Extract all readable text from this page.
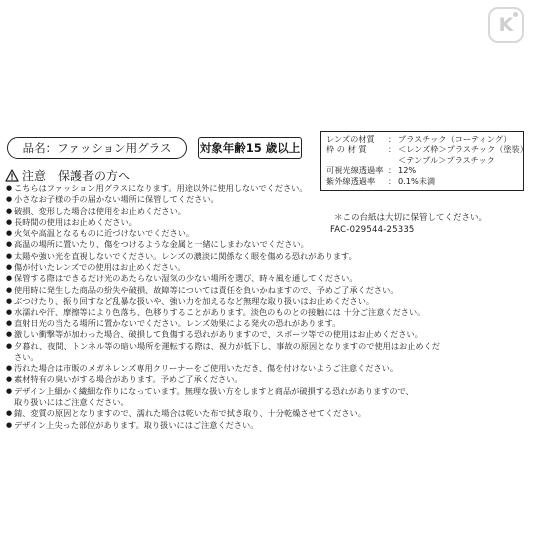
K
品名：ファッション用グラス 対象年齢15 歳以上
レンズの材質	： プラスチック（コーティング）
枠 の 材 質	： ＜レンズ枠＞プラスチック（塗装）
＜テンプル＞プラスチック
可視光線透過率 ： 12%
紫外線透過率	： 0.1%未満
＊この台紙は大切に保管してください。
FAC-029544-25335
注意　保護者の方へ
● こちらはファッション用グラスになります。用途以外に使用しないでください。
● 小さなお子様の手の届かない場所に保管してください。
● 破損、変形した場合は使用をお止めください。
● 長時間の使用はお止めください。
● 火気や高温となるものに近づけないでください。
● 高温の場所に置いたり、傷をつけるような金属と一緒にしまわないでください。
● 太陽や強い光を直視しないでください。レンズの濃淡に関係なく眼を傷める恐れがあります。
● 傷が付いたレンズでの使用はお止めください。
● 保管する際はできるだけ光のあたらない湿気の少ない場所を選び、時々風を通してください。
● 使用時に発生した商品の紛失や破損、故障等については責任を負いかねますので、予めご了承ください。
● ぶつけたり、振り回すなど乱暴な扱いや、強い力を加えるなど無理な取り扱いはお止めください。
● 水濡れや汗、摩擦等により色落ち、色移りすることがあります。淡色のものとの接触には 十分ご注意ください。
● 直射日光の当たる場所に置かないでください。レンズ効果による発火の恐れがあります。
● 激しい衝撃等が加わった場合、破損して負傷する恐れがありますので、スポーツ等での使用はお止めください。
● 夕暮れ、夜間、トンネル等の暗い場所を運転する際は、視力が低下し、事故の原因となりますので使用はお止めくだ
さい。
● 汚れた場合は市販のメガネレンズ専用クリーナーをご使用いただき、傷を付けないようご注意ください。
● 素材特有の臭いがする場合があります。予めご了承ください。
● デザイン上細かく繊細な作りになっています。無理な扱い方をしますと商品が破損する恐れがありますので、
取り扱いにはご注意ください。
● 錆、変質の原因となりますので、濡れた場合は乾いた布で拭き取り、十分乾燥させてください。
● デザイン上尖った部位があります。取り扱いにはご注意ください。
